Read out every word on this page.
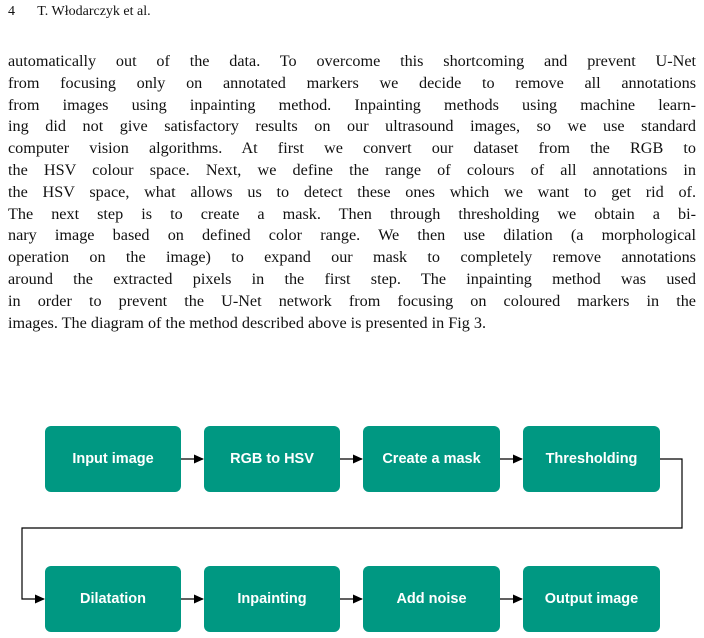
4 T. Włodarczyk et al.

automatically out of the data. To overcome this shortcoming and prevent U-Net
from focusing only on annotated markers we decide to remove all annotations
from images using inpainting method. Inpainting methods using machine learn-
ing did not give satisfactory results on our ultrasound images, so we use standard
computer vision algorithms. At first we convert our dataset from the RGB to
the HSV colour space. Next, we define the range of colours of all annotations in
the HSV space, what allows us to detect these ones which we want to get rid of.
The next step is to create a mask. Then through thresholding we obtain a bi-
nary image based on defined color range. We then use dilation (a morphological
operation on the image) to expand our mask to completely remove annotations
around the extracted pixels in the first step. The inpainting method was used
in order to prevent the U-Net network from focusing on coloured markers in the
images. The diagram of the method described above is presented in Fig 3.

Input image	RGB to HSV	Create a mask	Thresholding
Dilatation	Inpainting	Add noise	Output image
